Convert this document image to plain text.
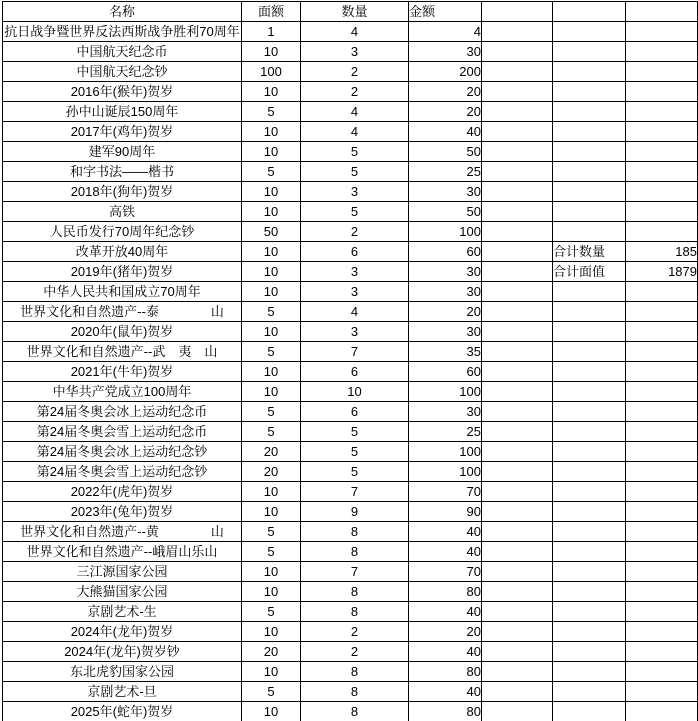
名称	面额	数量	金额			
抗日战争暨世界反法西斯战争胜利70周年	1	4	4			
中国航天纪念币	10	3	30			
中国航天纪念钞	100	2	200			
2016年(猴年)贺岁	10	2	20			
孙中山诞辰150周年	5	4	20			
2017年(鸡年)贺岁	10	4	40			
建军90周年	10	5	50			
和字书法——楷书	5	5	25			
2018年(狗年)贺岁	10	3	30			
高铁	10	5	50			
人民币发行70周年纪念钞	50	2	100			
改革开放40周年	10	6	60		合计数量	185
2019年(猪年)贺岁	10	3	30		合计面值	1879
中华人民共和国成立70周年	10	3	30			
世界文化和自然遗产--泰　　　　山	5	4	20			
2020年(鼠年)贺岁	10	3	30			
世界文化和自然遗产--武　夷　山	5	7	35			
2021年(牛年)贺岁	10	6	60			
中华共产党成立100周年	10	10	100			
第24届冬奥会冰上运动纪念币	5	6	30			
第24届冬奥会雪上运动纪念币	5	5	25			
第24届冬奥会冰上运动纪念钞	20	5	100			
第24届冬奥会雪上运动纪念钞	20	5	100			
2022年(虎年)贺岁	10	7	70			
2023年(兔年)贺岁	10	9	90			
世界文化和自然遗产--黄　　　　山	5	8	40			
世界文化和自然遗产--峨眉山乐山	5	8	40			
三江源国家公园	10	7	70			
大熊猫国家公园	10	8	80			
京剧艺术-生	5	8	40			
2024年(龙年)贺岁	10	2	20			
2024年(龙年)贺岁钞	20	2	40			
东北虎豹国家公园	10	8	80			
京剧艺术-旦	5	8	40			
2025年(蛇年)贺岁	10	8	80			
